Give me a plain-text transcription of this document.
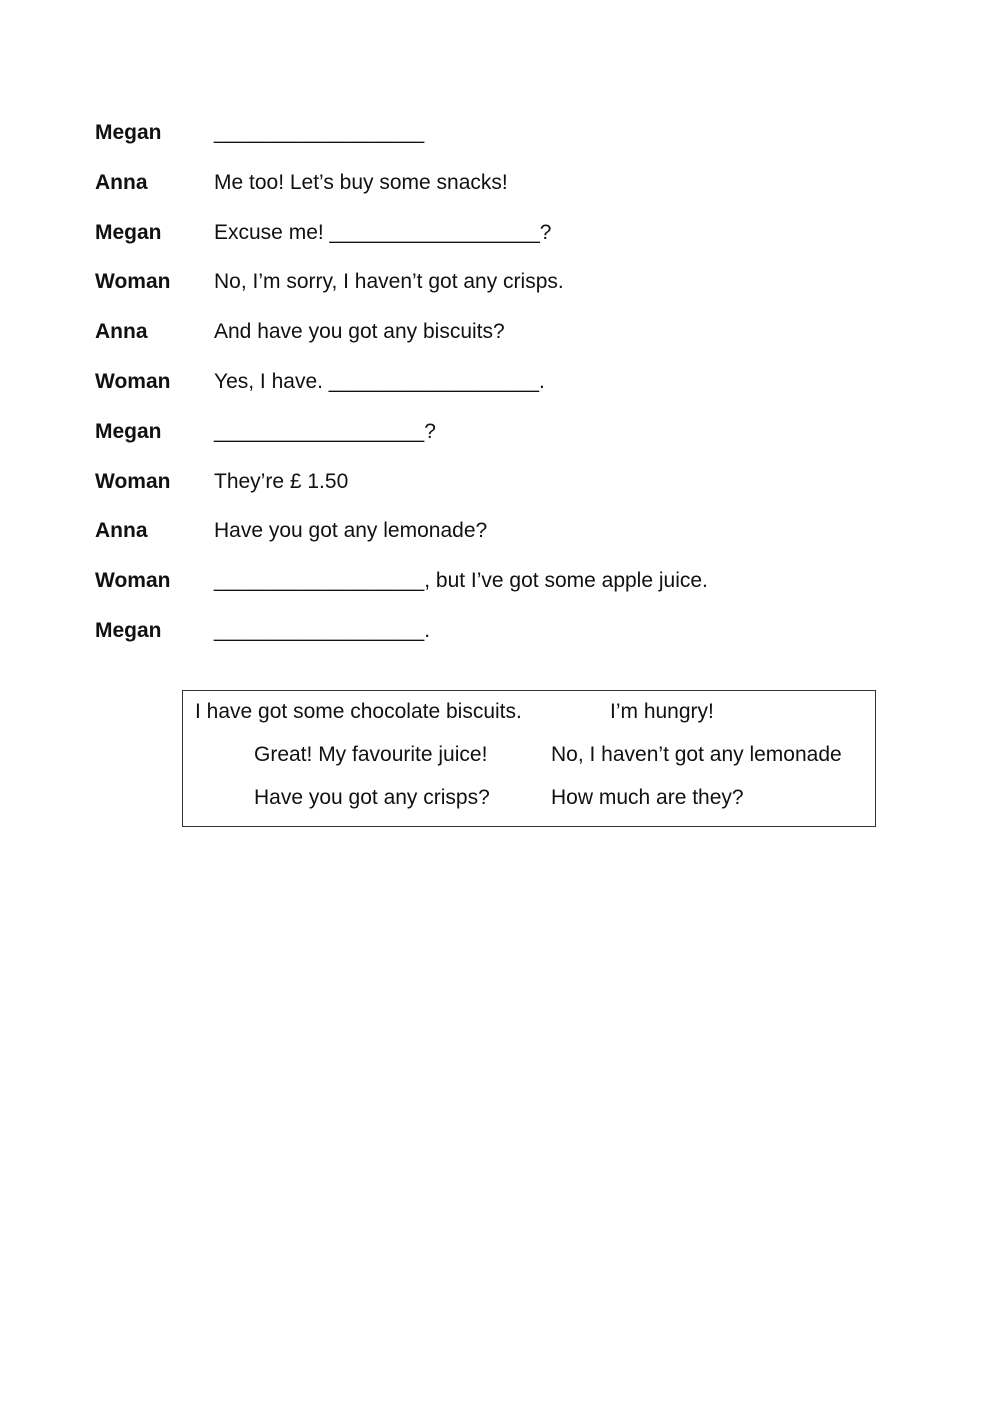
Megan	__________________
Anna	Me too! Let’s buy some snacks!
Megan	Excuse me! __________________?
Woman	No, I’m sorry, I haven’t got any crisps.
Anna	And have you got any biscuits?
Woman	Yes, I have. __________________.
Megan	__________________?
Woman	They’re £ 1.50
Anna	Have you got any lemonade?
Woman	__________________, but I’ve got some apple juice.
Megan	__________________.
I have got some chocolate biscuits.	I’m hungry!
Great! My favourite juice!	No, I haven’t got any lemonade
Have you got any crisps?	How much are they?
